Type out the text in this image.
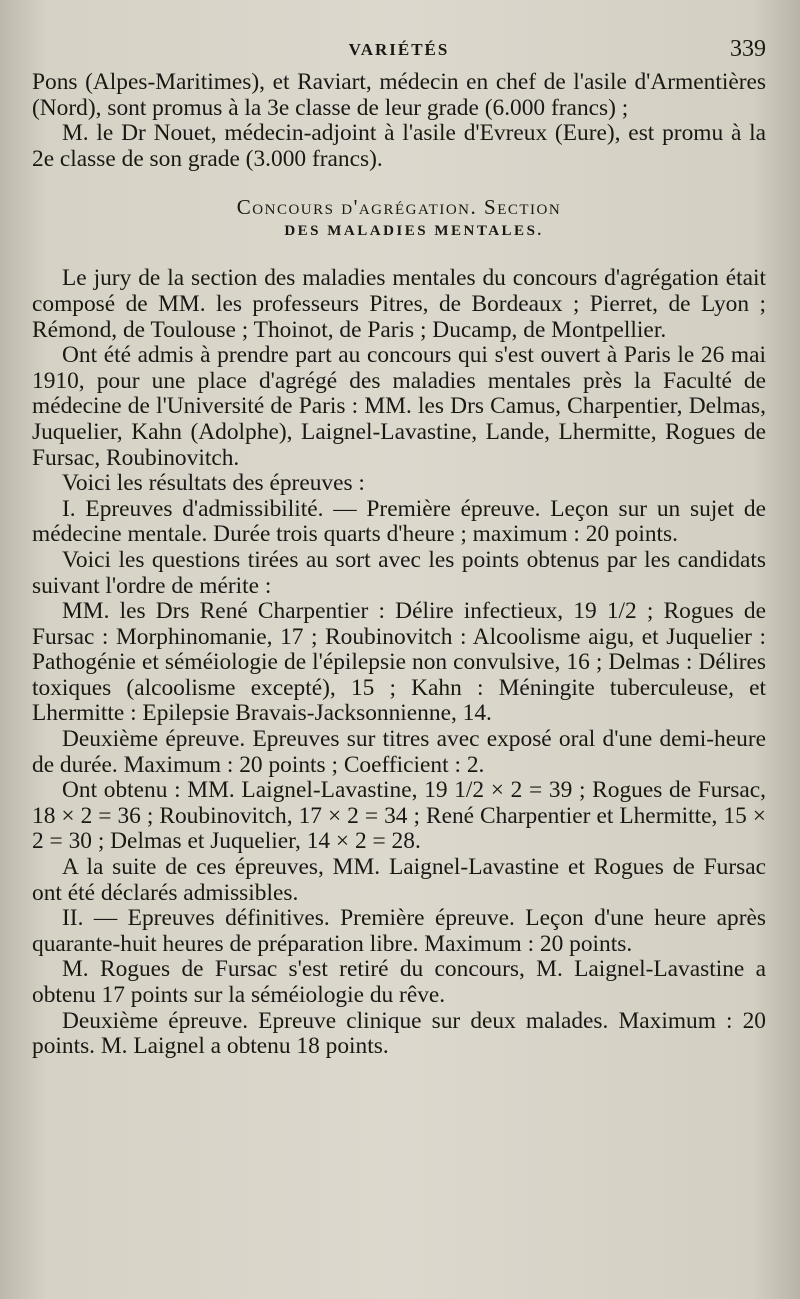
VARIÉTÉS	339

Pons (Alpes-Maritimes), et Raviart, médecin en chef de l'asile d'Armentières (Nord), sont promus à la 3e classe de leur grade (6.000 francs) ;

M. le Dr Nouet, médecin-adjoint à l'asile d'Evreux (Eure), est promu à la 2e classe de son grade (3.000 francs).

Concours d'agrégation. Section
DES MALADIES MENTALES.

Le jury de la section des maladies mentales du concours d'agrégation était composé de MM. les professeurs Pitres, de Bordeaux ; Pierret, de Lyon ; Rémond, de Toulouse ; Thoinot, de Paris ; Ducamp, de Montpellier.

Ont été admis à prendre part au concours qui s'est ouvert à Paris le 26 mai 1910, pour une place d'agrégé des maladies mentales près la Faculté de médecine de l'Université de Paris : MM. les Drs Camus, Charpentier, Delmas, Juquelier, Kahn (Adolphe), Laignel-Lavastine, Lande, Lhermitte, Rogues de Fursac, Roubinovitch.

Voici les résultats des épreuves :

I. Epreuves d'admissibilité. — Première épreuve. Leçon sur un sujet de médecine mentale. Durée trois quarts d'heure ; maximum : 20 points.

Voici les questions tirées au sort avec les points obtenus par les candidats suivant l'ordre de mérite :

MM. les Drs René Charpentier : Délire infectieux, 19 1/2 ; Rogues de Fursac : Morphinomanie, 17 ; Roubinovitch : Alcoolisme aigu, et Juquelier : Pathogénie et séméiologie de l'épilepsie non convulsive, 16 ; Delmas : Délires toxiques (alcoolisme excepté), 15 ; Kahn : Méningite tuberculeuse, et Lhermitte : Epilepsie Bravais-Jacksonnienne, 14.

Deuxième épreuve. Epreuves sur titres avec exposé oral d'une demi-heure de durée. Maximum : 20 points ; Coefficient : 2.

Ont obtenu : MM. Laignel-Lavastine, 19 1/2 × 2 = 39 ; Rogues de Fursac, 18 × 2 = 36 ; Roubinovitch, 17 × 2 = 34 ; René Charpentier et Lhermitte, 15 × 2 = 30 ; Delmas et Juquelier, 14 × 2 = 28.

A la suite de ces épreuves, MM. Laignel-Lavastine et Rogues de Fursac ont été déclarés admissibles.

II. — Epreuves définitives. Première épreuve. Leçon d'une heure après quarante-huit heures de préparation libre. Maximum : 20 points.

M. Rogues de Fursac s'est retiré du concours, M. Laignel-Lavastine a obtenu 17 points sur la séméiologie du rêve.

Deuxième épreuve. Epreuve clinique sur deux malades. Maximum : 20 points. M. Laignel a obtenu 18 points.
